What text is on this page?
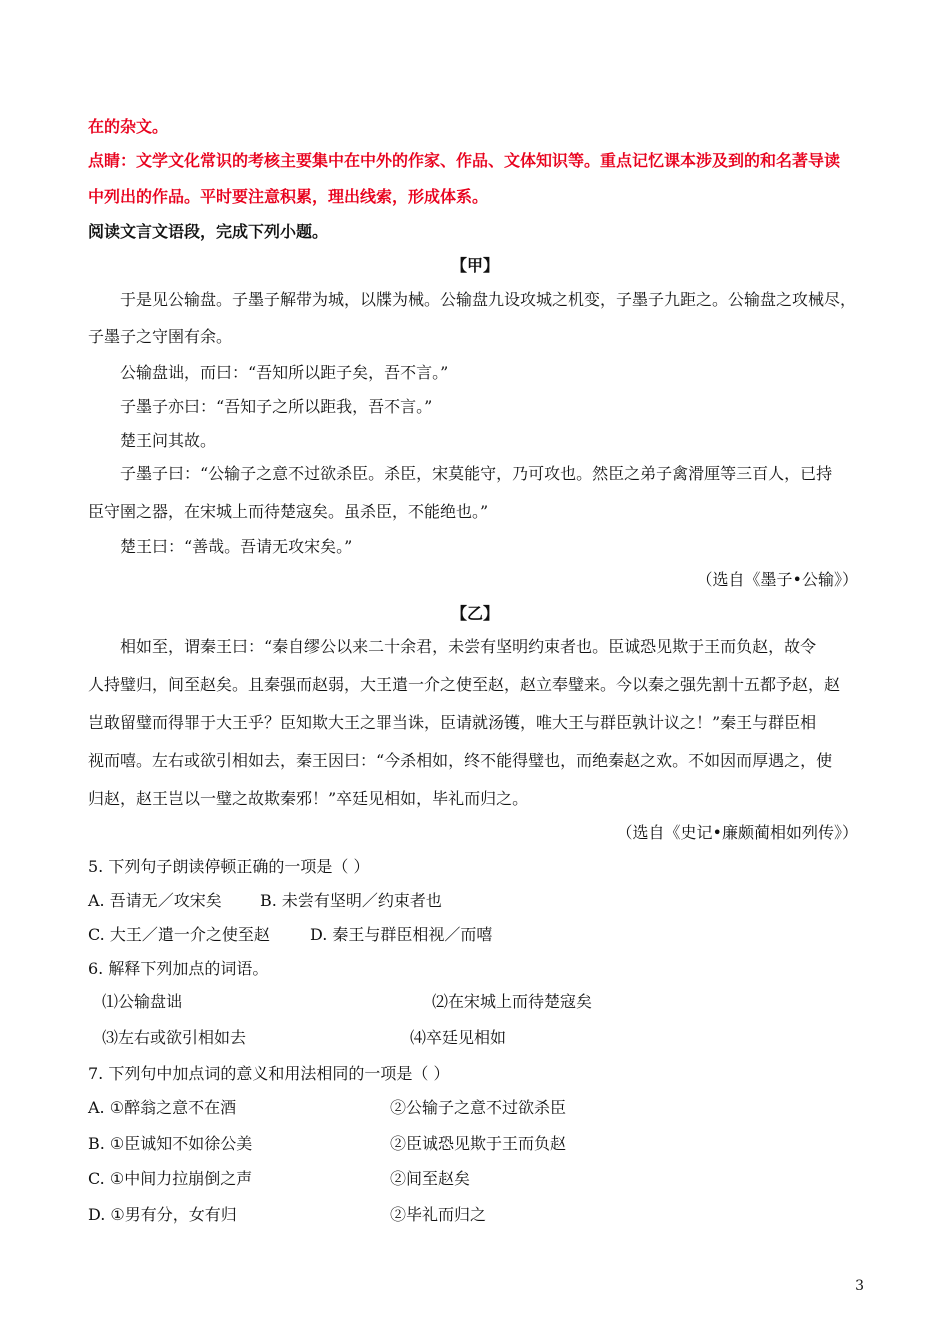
在的杂文。
点睛：文学文化常识的考核主要集中在中外的作家、作品、文体知识等。重点记忆课本涉及到的和名著导读
中列出的作品。平时要注意积累，理出线索，形成体系。
阅读文言文语段，完成下列小题。
【甲】
于是见公输盘。子墨子解带为城，以牒为械。公输盘九设攻城之机变，子墨子九距之。公输盘之攻械尽，
子墨子之守圉有余。
公输盘诎，而曰：“吾知所以距子矣，吾不言。”
子墨子亦曰：“吾知子之所以距我，吾不言。”
楚王问其故。
子墨子曰：“公输子之意不过欲杀臣。杀臣，宋莫能守，乃可攻也。然臣之弟子禽滑厘等三百人，已持
臣守圉之器，在宋城上而待楚寇矣。虽杀臣，不能绝也。”
楚王曰：“善哉。吾请无攻宋矣。”
（选自《墨子•公输》）
【乙】
相如至，谓秦王曰：“秦自缪公以来二十余君，未尝有坚明约束者也。臣诚恐见欺于王而负赵，故令
人持璧归，间至赵矣。且秦强而赵弱，大王遣一介之使至赵，赵立奉璧来。今以秦之强先割十五都予赵，赵
岂敢留璧而得罪于大王乎？臣知欺大王之罪当诛，臣请就汤镬，唯大王与群臣孰计议之！”秦王与群臣相
视而嘻。左右或欲引相如去，秦王因曰：“今杀相如，终不能得璧也，而绝秦赵之欢。不如因而厚遇之，使
归赵，赵王岂以一璧之故欺秦邪！”卒廷见相如，毕礼而归之。
（选自《史记•廉颇蔺相如列传》）
5. 下列句子朗读停顿正确的一项是（ ）
A. 吾请无／攻宋矣 B. 未尝有坚明／约束者也
C. 大王／遣一介之使至赵	D. 秦王与群臣相视／而嘻
6. 解释下列加点的词语。
⑴公输盘诎	⑵在宋城上而待楚寇矣
⑶左右或欲引相如去	⑷卒廷见相如
7. 下列句中加点词的意义和用法相同的一项是（ ）
A. ①醉翁之意不在酒	②公输子之意不过欲杀臣
B. ①臣诚知不如徐公美	②臣诚恐见欺于王而负赵
C. ①中间力拉崩倒之声	②间至赵矣
D. ①男有分，女有归	②毕礼而归之
3
